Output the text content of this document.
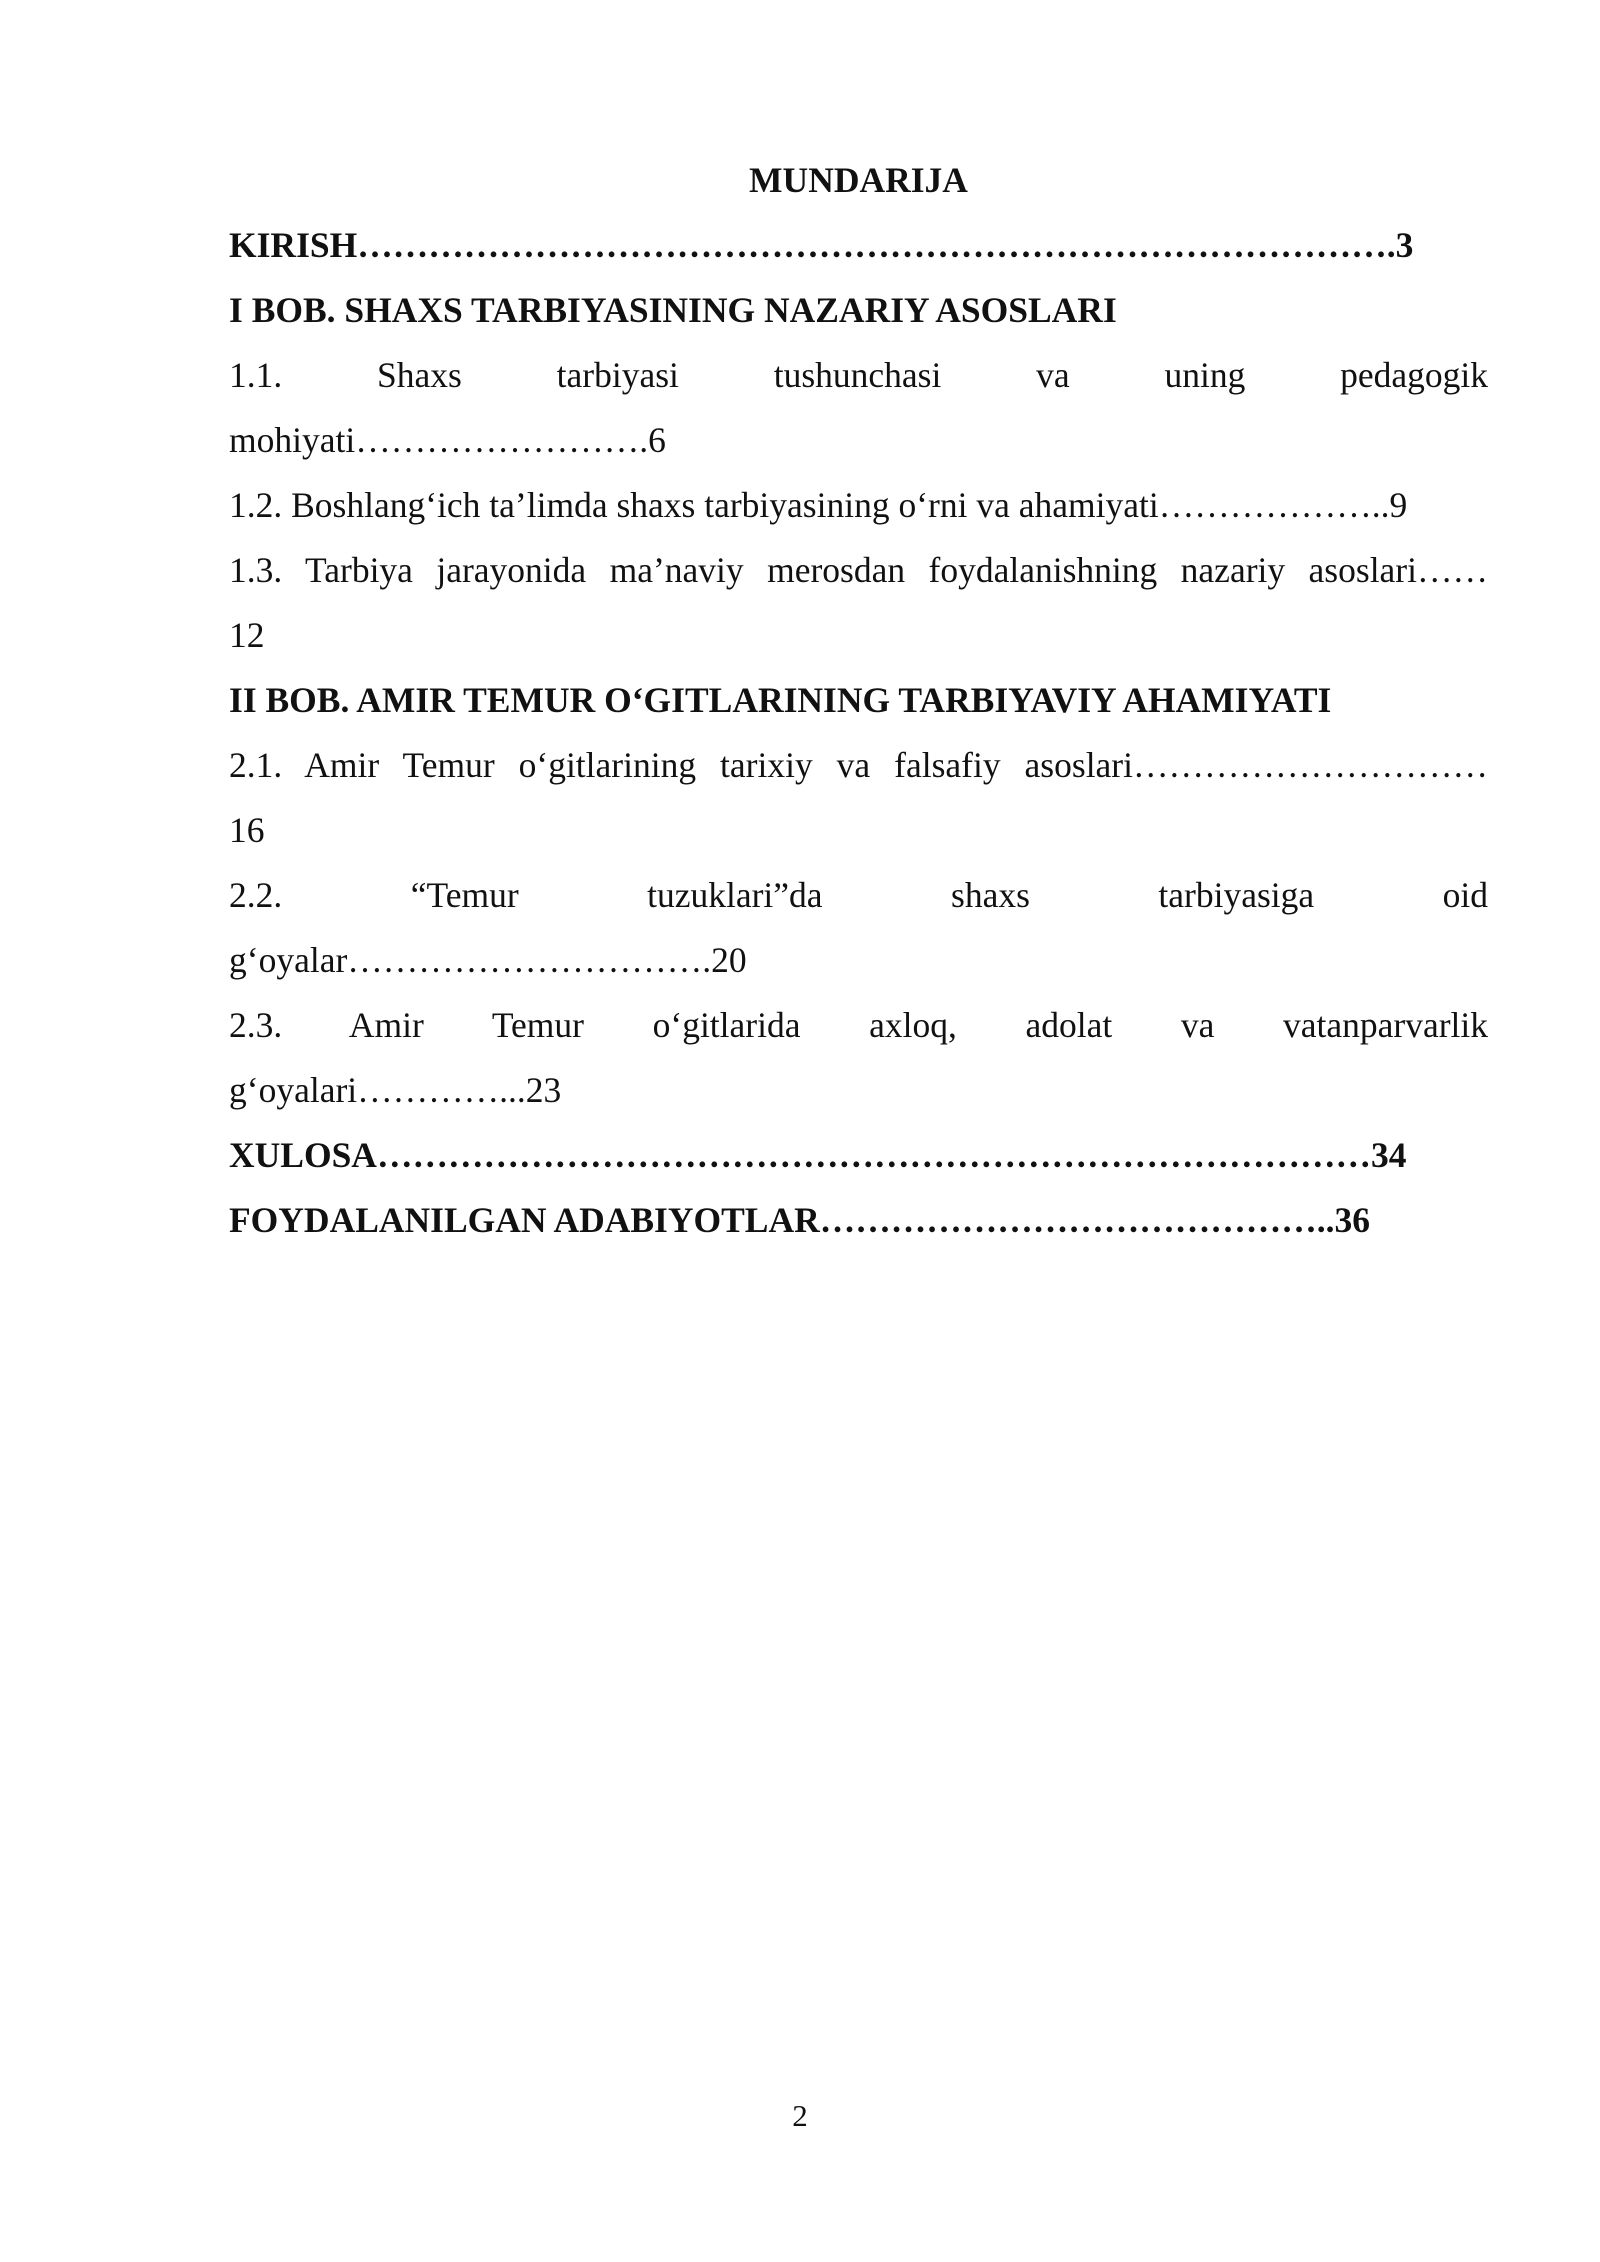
MUNDARIJA

KIRISH…………………………………………………………………………….3

I BOB. SHAXS TARBIYASINING NAZARIY ASOSLARI

1.1. Shaxs tarbiyasi tushunchasi va uning pedagogik

mohiyati…………………….6

1.2. Boshlang‘ich ta’limda shaxs tarbiyasining o‘rni va ahamiyati………………..9

1.3. Tarbiya jarayonida ma’naviy merosdan foydalanishning nazariy asoslari……

12

II BOB. AMIR TEMUR O‘GITLARINING TARBIYAVIY AHAMIYATI

2.1. Amir Temur o‘gitlarining tarixiy va falsafiy asoslari…………………………

16

2.2. “Temur tuzuklari”da shaxs tarbiyasiga oid

g‘oyalar………………………….20

2.3. Amir Temur o‘gitlarida axloq, adolat va vatanparvarlik

g‘oyalari…………...23

XULOSA…………………………………………………………………………34

FOYDALANILGAN ADABIYOTLAR……………………………………..36

2
